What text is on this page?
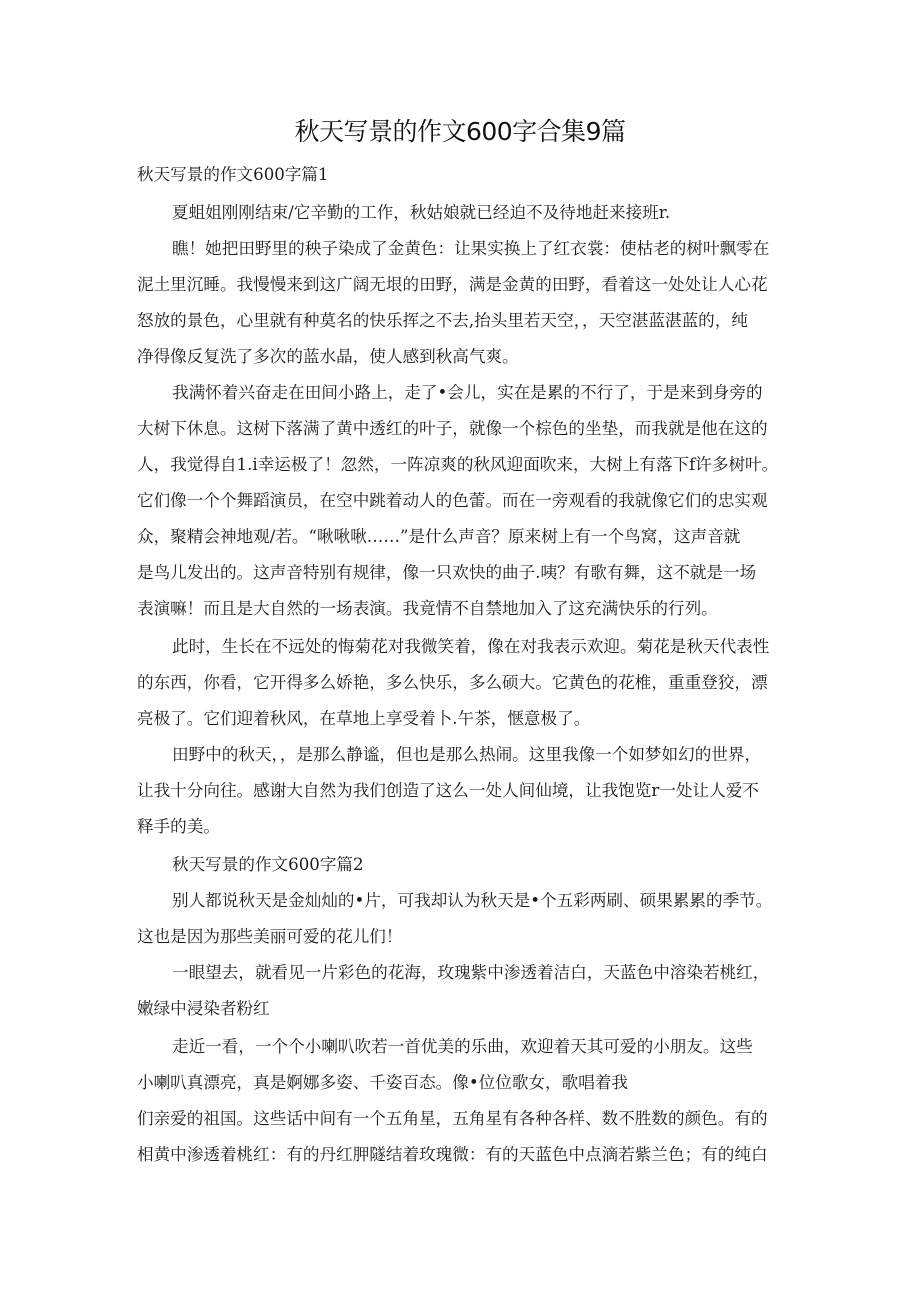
秋天写景的作文600字合集9篇
秋天写景的作文600字篇1
夏蛆姐刚刚结束/它辛勤的工作，秋姑娘就已经迫不及待地赶来接班r.
瞧！她把田野里的秧子染成了金黄色：让果实换上了红衣裳：使枯老的树叶飘零在
泥土里沉睡。我慢慢来到这广阔无垠的田野，满是金黄的田野，看着这一处处让人心花
怒放的景色，心里就有种莫名的快乐挥之不去,抬头里若天空，，天空湛蓝湛蓝的，纯
净得像反复洗了多次的蓝水晶，使人感到秋高气爽。
我满怀着兴奋走在田间小路上，走了•会儿，实在是累的不行了，于是来到身旁的
大树下休息。这树下落满了黄中透红的叶子，就像一个棕色的坐垫，而我就是他在这的
人，我觉得自1.i幸运极了！忽然，一阵凉爽的秋风迎面吹来，大树上有落下f许多树叶。
它们像一个个舞蹈演员，在空中跳着动人的色蕾。而在一旁观看的我就像它们的忠实观
众，聚精会神地观/若。“啾啾啾……”是什么声音？原来树上有一个鸟窝，这声音就
是鸟儿发出的。这声音特别有规律，像一只欢快的曲子.咦？有歌有舞，这不就是一场
表演嘛！而且是大自然的一场表演。我竟情不自禁地加入了这充满快乐的行列。
此时，生长在不远处的悔菊花对我微笑着，像在对我表示欢迎。菊花是秋天代表性
的东西，你看，它开得多么娇艳，多么快乐，多么硕大。它黄色的花椎，重重登狡，漂
亮极了。它们迎着秋风，在草地上享受着卜.午茶，惬意极了。
田野中的秋天，，是那么静谧，但也是那么热闹。这里我像一个如梦如幻的世界，
让我十分向往。感谢大自然为我们创造了这么一处人间仙境，让我饱览r一处让人爱不
释手的美。
秋天写景的作文600字篇2
别人都说秋天是金灿灿的•片，可我却认为秋天是•个五彩两刷、硕果累累的季节。
这也是因为那些美丽可爱的花儿们！
一眼望去，就看见一片彩色的花海，玫瑰紫中渗透着洁白，天蓝色中溶染若桃红，
嫩绿中浸染者粉红
走近一看，一个个小喇叭吹若一首优美的乐曲，欢迎着天其可爱的小朋友。这些
小喇叭真漂亮，真是婀娜多姿、千姿百态。像•位位歌女，歌唱着我
们亲爱的祖国。这些话中间有一个五角星，五角星有各种各样、数不胜数的颜色。有的
相黄中渗透着桃红：有的丹红胛隧结着玫瑰微：有的天蓝色中点滴若紫兰色；有的纯白
